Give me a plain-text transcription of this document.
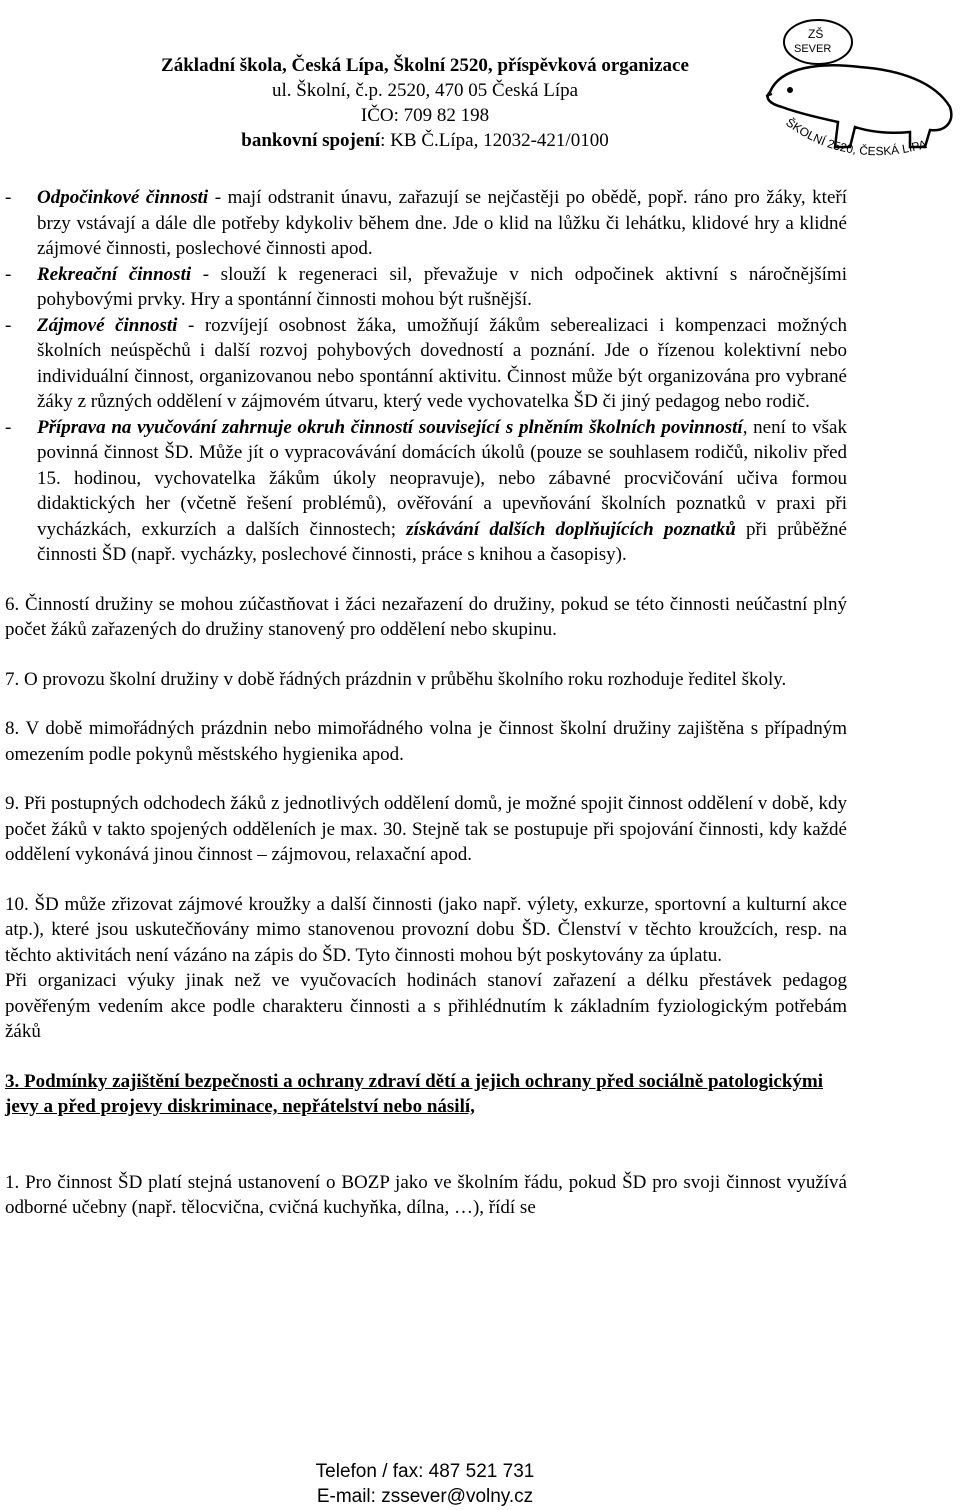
Základní škola, Česká Lípa, Školní 2520, příspěvková organizace
ul. Školní, č.p. 2520, 470 05 Česká Lípa
IČO: 709 82 198
bankovní spojení: KB Č.Lípa, 12032-421/0100
ZŠ
SEVER
ŠKOLNÍ 2520, ČESKÁ LÍPA
-	Odpočinkové činnosti - mají odstranit únavu, zařazují se nejčastěji po obědě, popř. ráno pro žáky, kteří brzy vstávají a dále dle potřeby kdykoliv během dne. Jde o klid na lůžku či lehátku, klidové hry a klidné zájmové činnosti, poslechové činnosti apod.
-	Rekreační činnosti - slouží k regeneraci sil, převažuje v nich odpočinek aktivní s náročnějšími pohybovými prvky. Hry a spontánní činnosti mohou být rušnější.
-	Zájmové činnosti - rozvíjejí osobnost žáka, umožňují žákům seberealizaci i kompenzaci možných školních neúspěchů i další rozvoj pohybových dovedností a poznání. Jde o řízenou kolektivní nebo individuální činnost, organizovanou nebo spontánní aktivitu. Činnost může být organizována pro vybrané žáky z různých oddělení v zájmovém útvaru, který vede vychovatelka ŠD či jiný pedagog nebo rodič.
-	Příprava na vyučování zahrnuje okruh činností související s plněním školních povinností, není to však povinná činnost ŠD. Může jít o vypracovávání domácích úkolů (pouze se souhlasem rodičů, nikoliv před 15. hodinou, vychovatelka žákům úkoly neopravuje), nebo zábavné procvičování učiva formou didaktických her (včetně řešení problémů), ověřování a upevňování školních poznatků v praxi při vycházkách, exkurzích a dalších činnostech; získávání dalších doplňujících poznatků při průběžné činnosti ŠD (např. vycházky, poslechové činnosti, práce s knihou a časopisy).

6. Činností družiny se mohou zúčastňovat i žáci nezařazení do družiny, pokud se této činnosti neúčastní plný počet žáků zařazených do družiny stanovený pro oddělení nebo skupinu.

7. O provozu školní družiny v době řádných prázdnin v průběhu školního roku rozhoduje ředitel školy.

8. V době mimořádných prázdnin nebo mimořádného volna je činnost školní družiny zajištěna s případným omezením podle pokynů městského hygienika apod.

9. Při postupných odchodech žáků z jednotlivých oddělení domů, je možné spojit činnost oddělení v době, kdy počet žáků v takto spojených odděleních je max. 30. Stejně tak se postupuje při spojování činnosti, kdy každé oddělení vykonává jinou činnost – zájmovou, relaxační apod.

10. ŠD může zřizovat zájmové kroužky a další činnosti (jako např. výlety, exkurze, sportovní a kulturní akce atp.), které jsou uskutečňovány mimo stanovenou provozní dobu ŠD. Členství v těchto kroužcích, resp. na těchto aktivitách není vázáno na zápis do ŠD. Tyto činnosti mohou být poskytovány za úplatu.

Při organizaci výuky jinak než ve vyučovacích hodinách stanoví zařazení a délku přestávek pedagog pověřeným vedením akce podle charakteru činnosti a s přihlédnutím k základním fyziologickým potřebám žáků

3. Podmínky zajištění bezpečnosti a ochrany zdraví dětí a jejich ochrany před sociálně patologickými jevy a před projevy diskriminace, nepřátelství nebo násilí,

1. Pro činnost ŠD platí stejná ustanovení o BOZP jako ve školním řádu, pokud ŠD pro svoji činnost využívá odborné učebny (např. tělocvična, cvičná kuchyňka, dílna, …), řídí se

Telefon / fax: 487 521 731
E-mail: zssever@volny.cz
